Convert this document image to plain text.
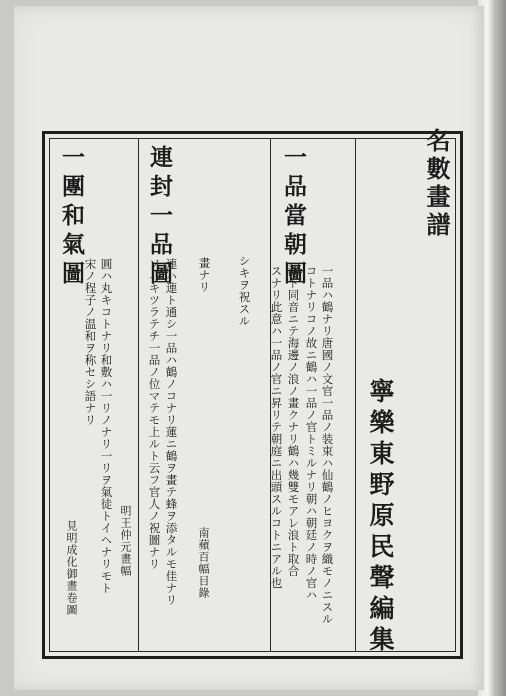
名數畫譜
寧樂東野原民聲編集
一品當朝圖
一品ハ鶴ナリ唐國ノ文官一品ノ装束ハ仙鶴ノヒヨクヲ織モノニスル
コトナリコノ故ニ鶴ハ一品ノ官トミルナリ朝ハ朝廷ノ時ノ官ハ
潮ト同音ニテ海邊ノ浪ノ畫クナリ鶴ハ幾雙モアレ浪ト取合
スナリ此意ハ一品ノ官ニ昇リテ朝庭ニ出頭スルコトニアル也
シキヲ祝スル
畫ナリ
連封一品圖
連ハ連ト通シ一品ハ鶴ノコナリ蓮ニ鶴ヲ畫テ蜂ヲ添タルモ佳ナリ
ソハキツラテチ一品ノ位マテモ上ルト云フ官人ノ祝圖ナリ	南蘋百幅目錄
一團和氣圖
圓ハ丸キコトナリ和敷ハ一リノナリ一リヲ氣徒トイヘナリモト
宋ノ程子ノ温和ヲ称セシ語ナリ
明王仲元畫幅
見明成化御畫卷圖
